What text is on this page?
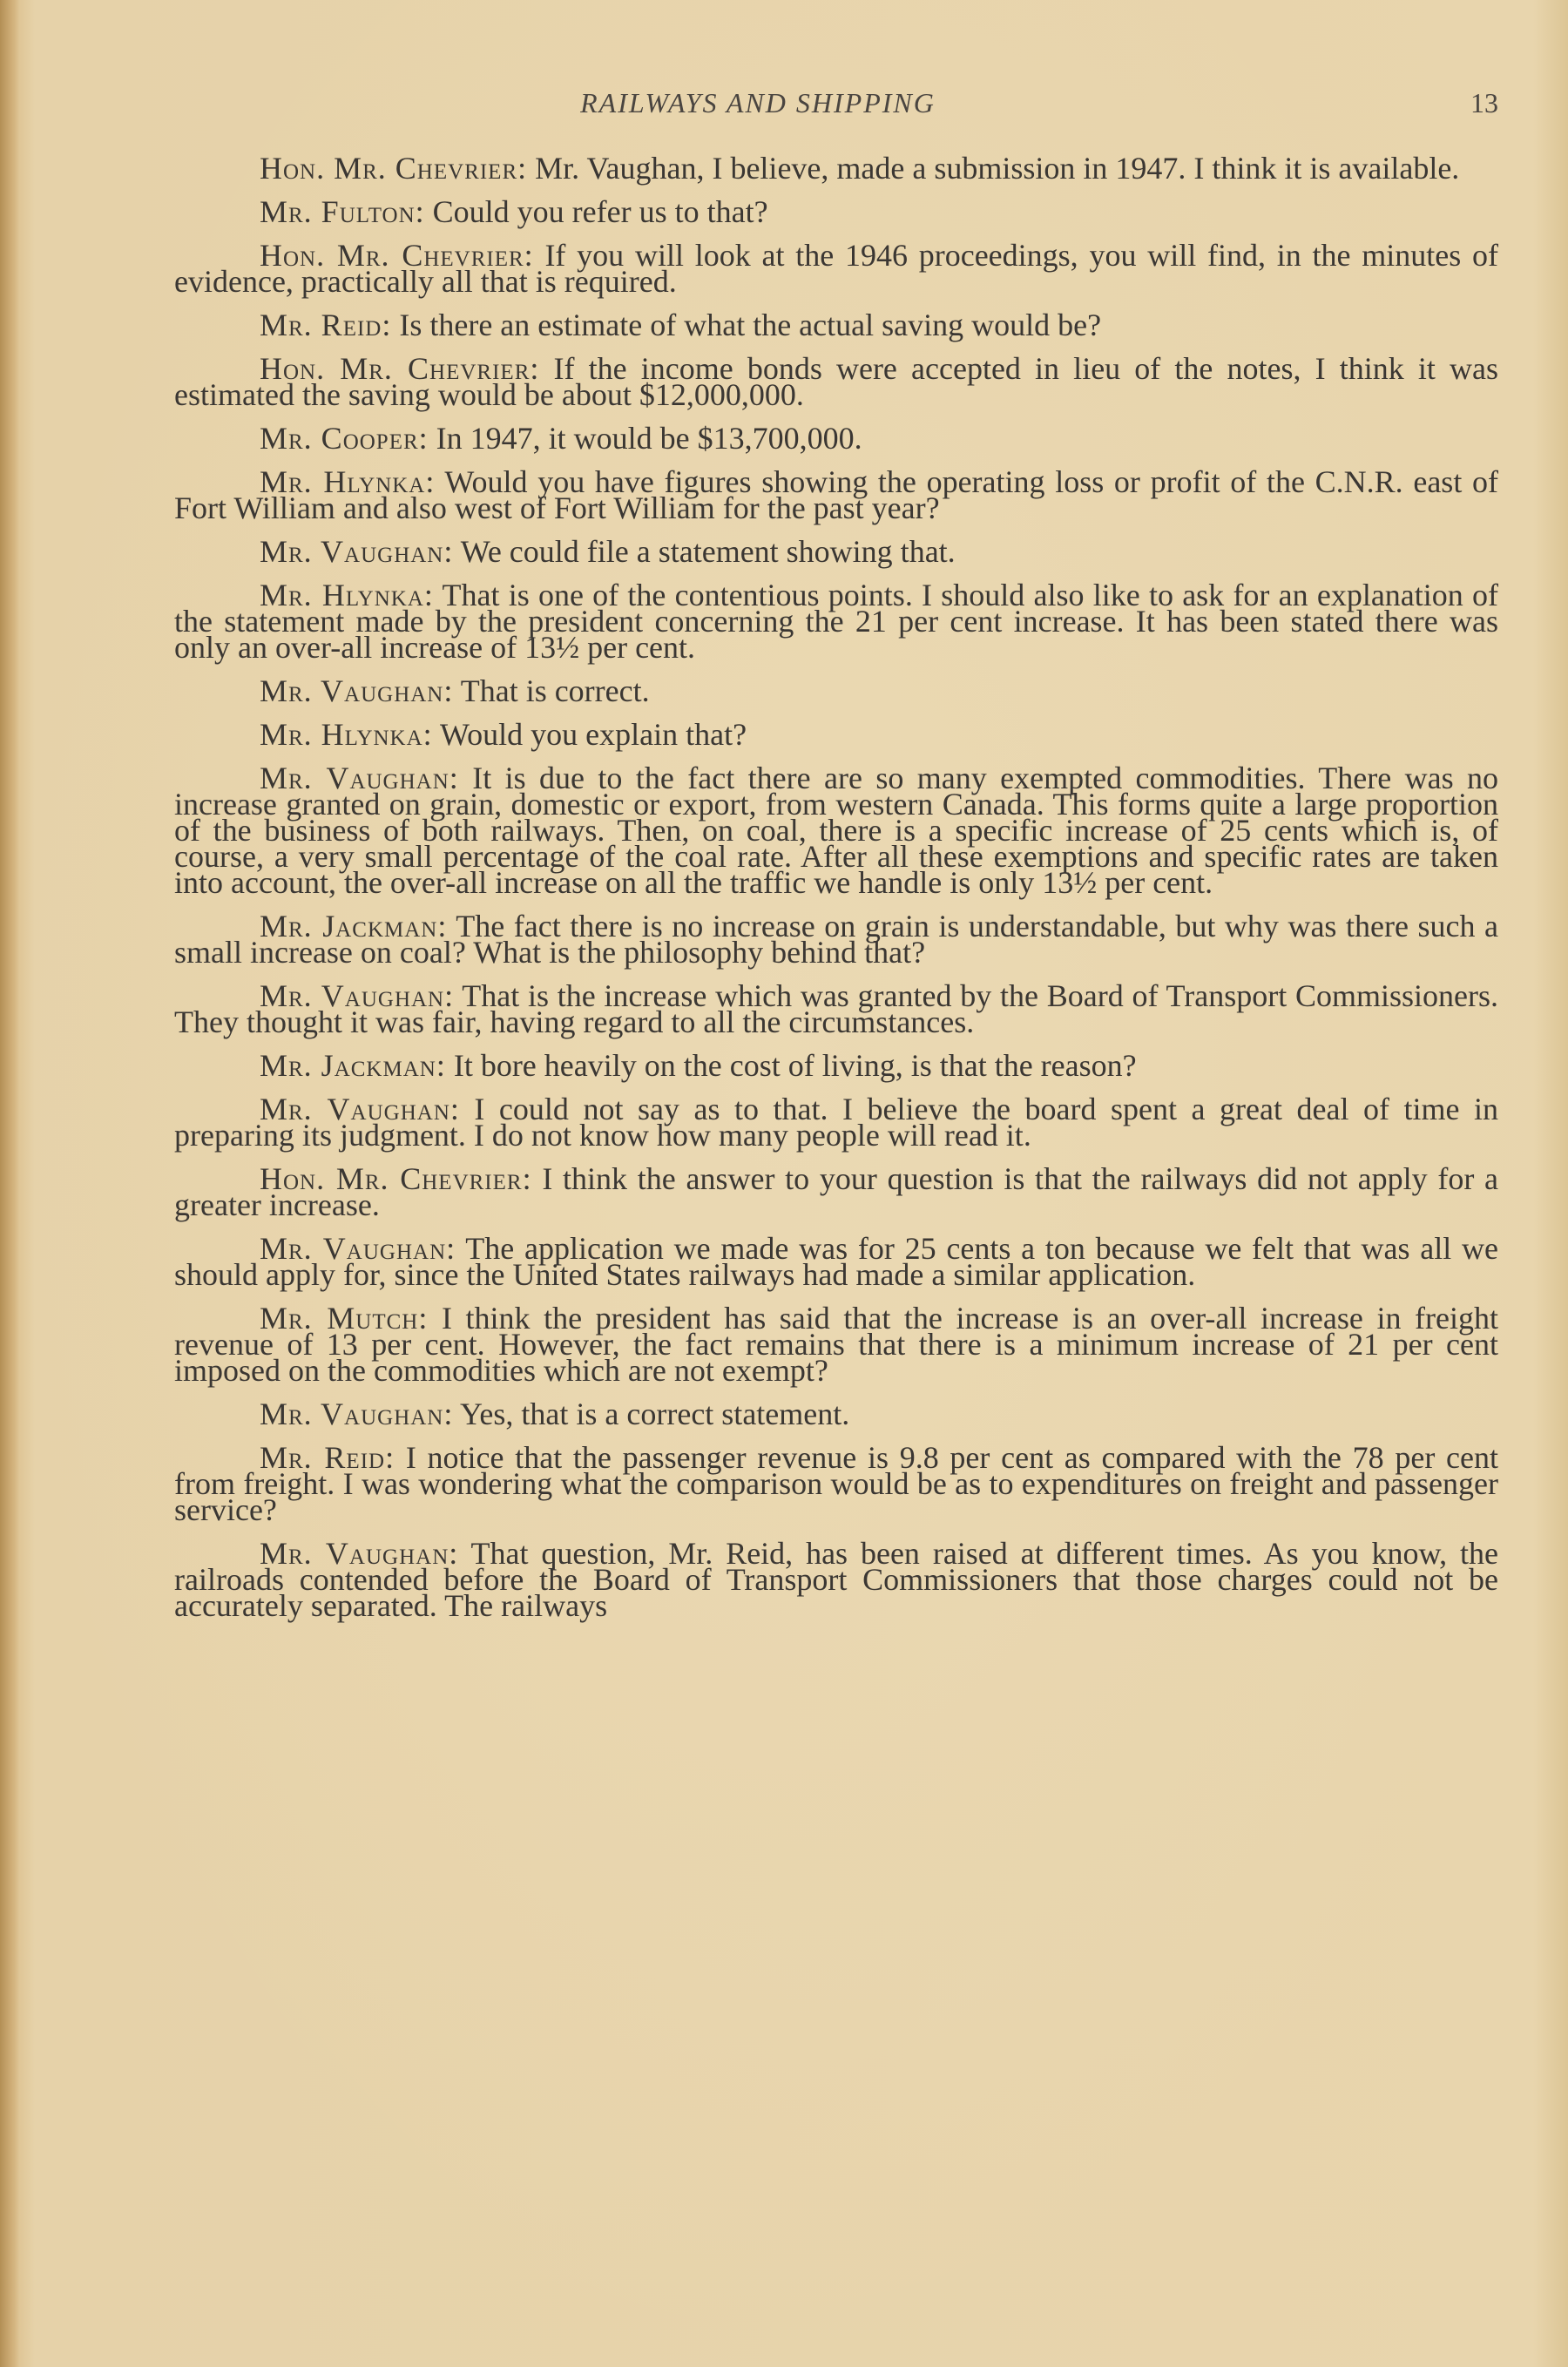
RAILWAYS AND SHIPPING	13

Hon. Mr. Chevrier: Mr. Vaughan, I believe, made a submission in 1947. I think it is available.

Mr. Fulton: Could you refer us to that?

Hon. Mr. Chevrier: If you will look at the 1946 proceedings, you will find, in the minutes of evidence, practically all that is required.

Mr. Reid: Is there an estimate of what the actual saving would be?

Hon. Mr. Chevrier: If the income bonds were accepted in lieu of the notes, I think it was estimated the saving would be about $12,000,000.

Mr. Cooper: In 1947, it would be $13,700,000.

Mr. Hlynka: Would you have figures showing the operating loss or profit of the C.N.R. east of Fort William and also west of Fort William for the past year?

Mr. Vaughan: We could file a statement showing that.

Mr. Hlynka: That is one of the contentious points. I should also like to ask for an explanation of the statement made by the president concerning the 21 per cent increase. It has been stated there was only an over-all increase of 13½ per cent.

Mr. Vaughan: That is correct.

Mr. Hlynka: Would you explain that?

Mr. Vaughan: It is due to the fact there are so many exempted commodities. There was no increase granted on grain, domestic or export, from western Canada. This forms quite a large proportion of the business of both railways. Then, on coal, there is a specific increase of 25 cents which is, of course, a very small percentage of the coal rate. After all these exemptions and specific rates are taken into account, the over-all increase on all the traffic we handle is only 13½ per cent.

Mr. Jackman: The fact there is no increase on grain is understandable, but why was there such a small increase on coal? What is the philosophy behind that?

Mr. Vaughan: That is the increase which was granted by the Board of Transport Commissioners. They thought it was fair, having regard to all the circumstances.

Mr. Jackman: It bore heavily on the cost of living, is that the reason?

Mr. Vaughan: I could not say as to that. I believe the board spent a great deal of time in preparing its judgment. I do not know how many people will read it.

Hon. Mr. Chevrier: I think the answer to your question is that the railways did not apply for a greater increase.

Mr. Vaughan: The application we made was for 25 cents a ton because we felt that was all we should apply for, since the United States railways had made a similar application.

Mr. Mutch: I think the president has said that the increase is an over-all increase in freight revenue of 13 per cent. However, the fact remains that there is a minimum increase of 21 per cent imposed on the commodities which are not exempt?

Mr. Vaughan: Yes, that is a correct statement.

Mr. Reid: I notice that the passenger revenue is 9.8 per cent as compared with the 78 per cent from freight. I was wondering what the comparison would be as to expenditures on freight and passenger service?

Mr. Vaughan: That question, Mr. Reid, has been raised at different times. As you know, the railroads contended before the Board of Transport Commissioners that those charges could not be accurately separated. The railways
